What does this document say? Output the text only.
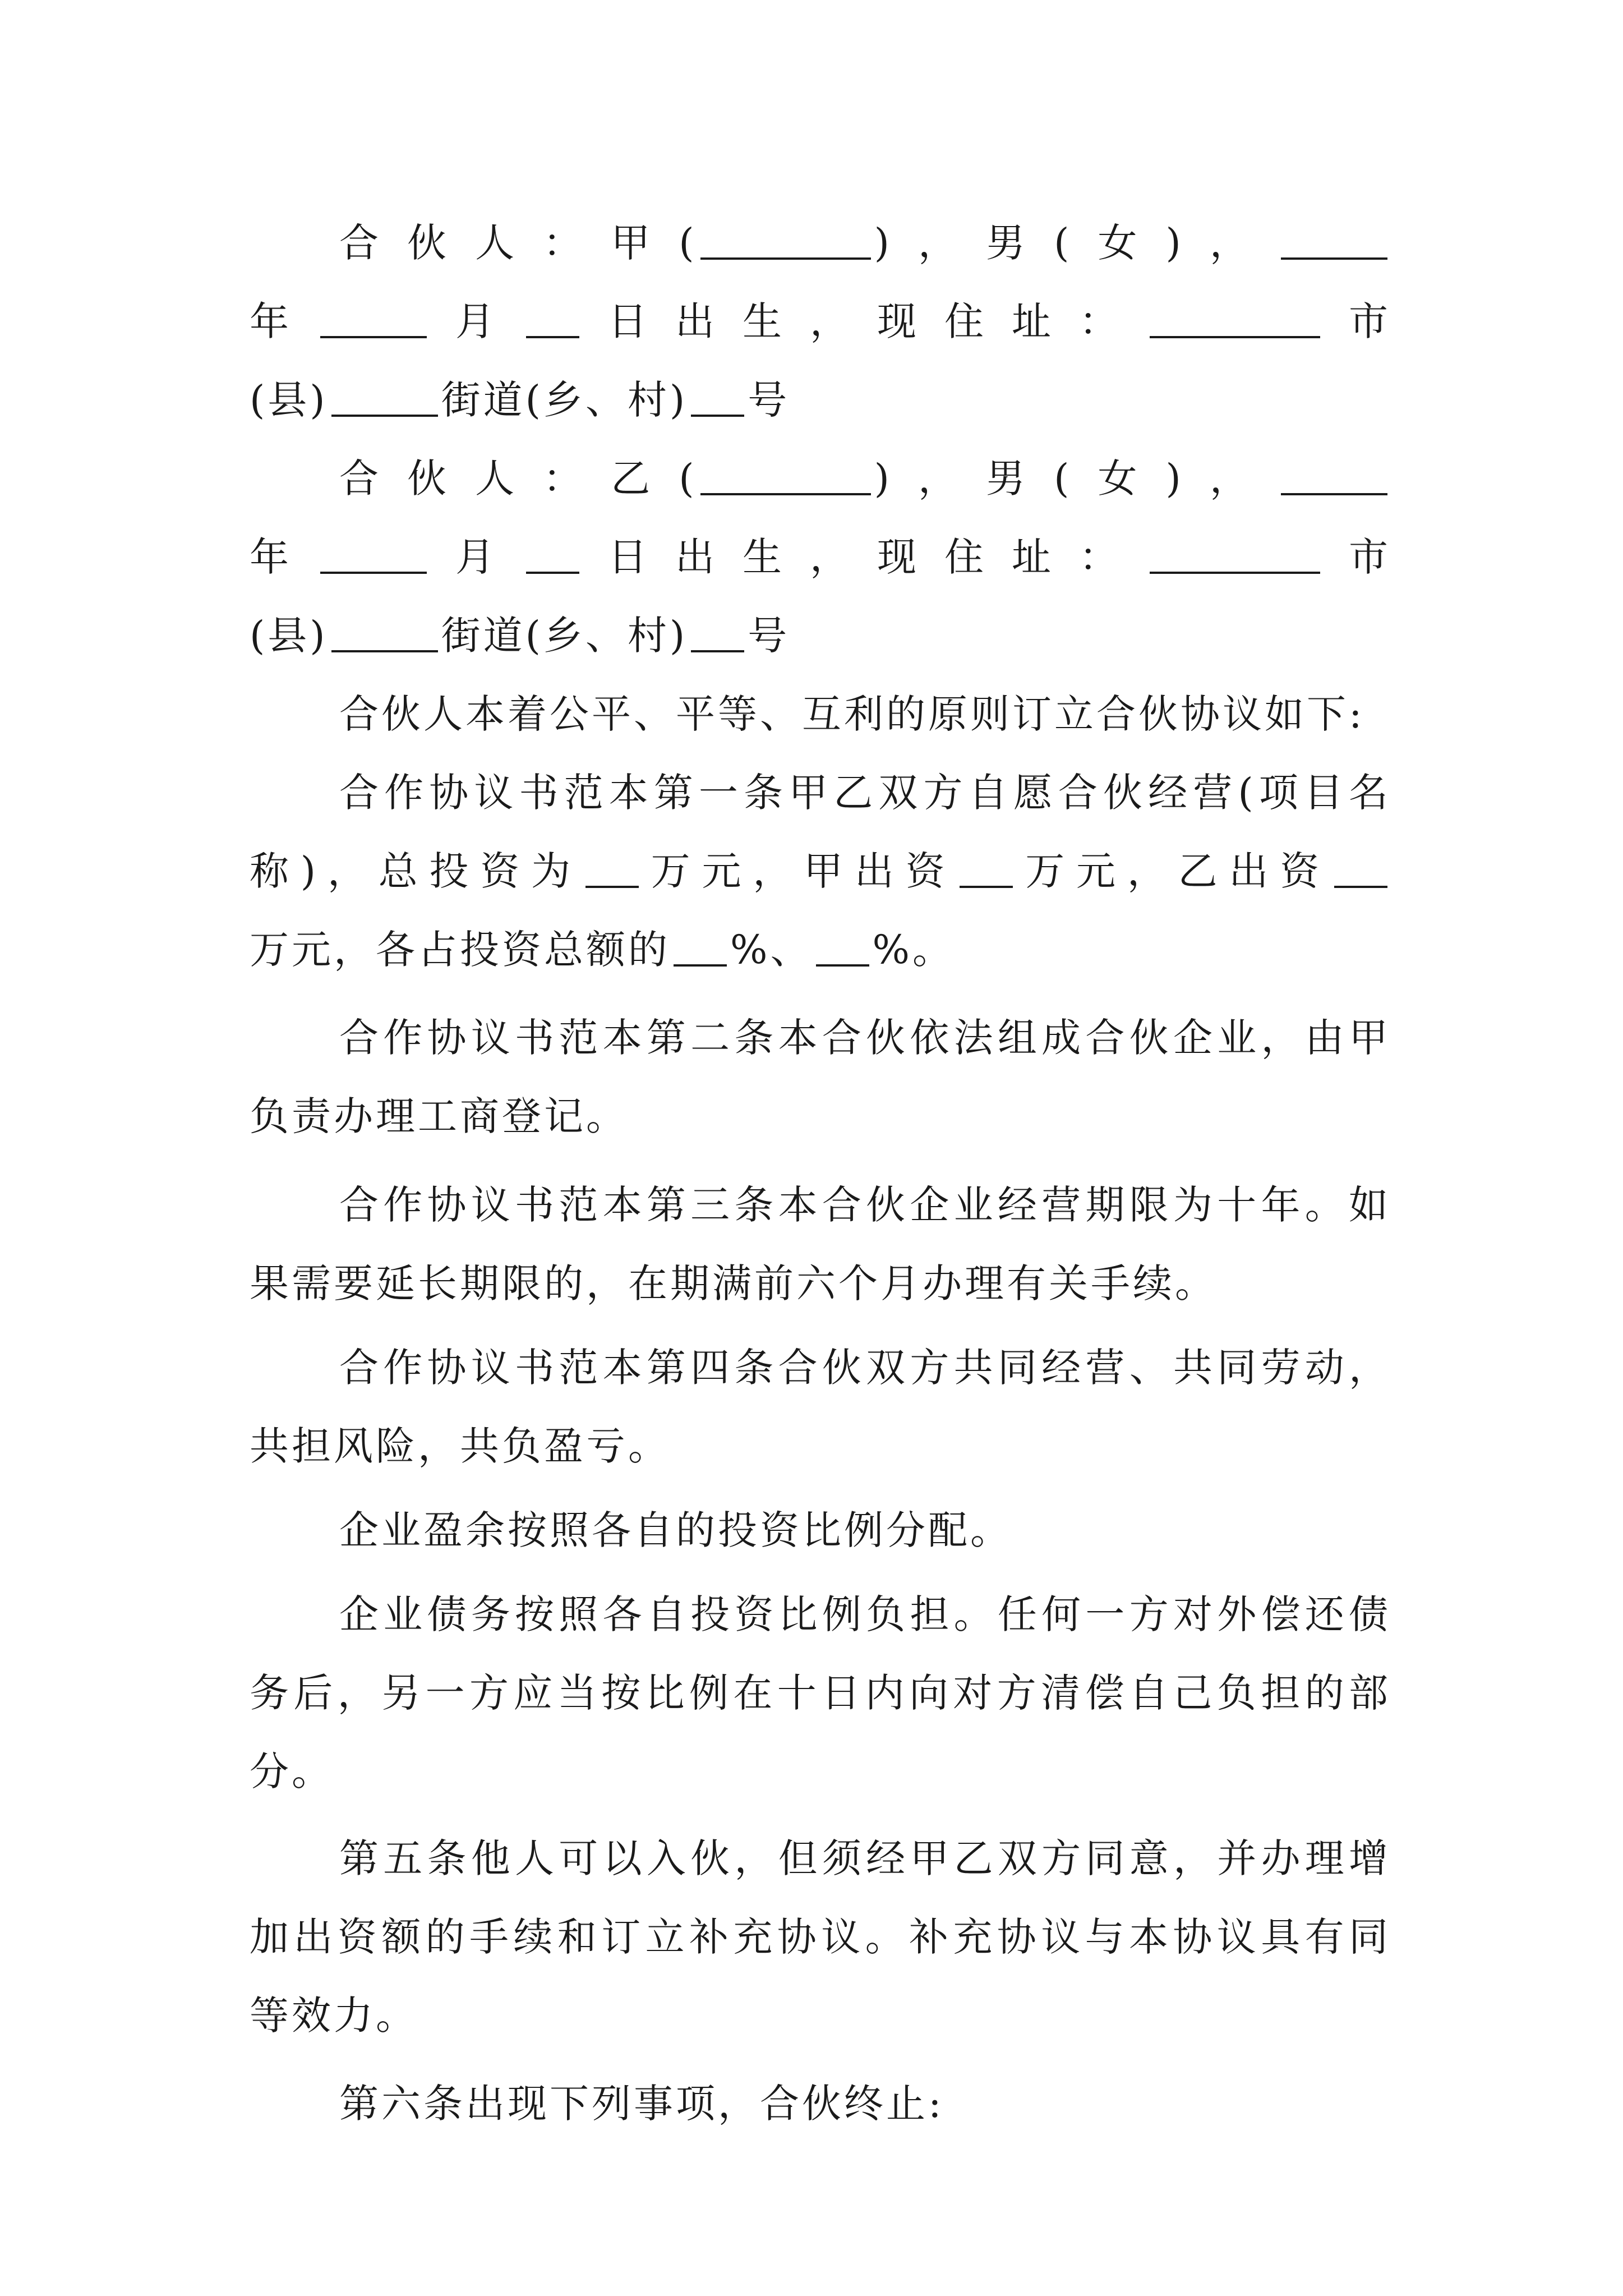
合伙人：甲(	)，男(女)，
年	月 日出生，现住址：	市
(县)	街道(乡、村) 号
合伙人：乙(	)，男(女)，
年	月 日出生，现住址：	市
(县)	街道(乡、村) 号
合伙人本着公平、平等、互利的原则订立合伙协议如下:
合作协议书范本第一条甲乙双方自愿合伙经营(项目名
称)，总投资为 万元，甲出资 万元，乙出资
万元，各占投资总额的 %、 %。
合作协议书范本第二条本合伙依法组成合伙企业，由甲
负责办理工商登记。
合作协议书范本第三条本合伙企业经营期限为十年。如
果需要延长期限的，在期满前六个月办理有关手续。
合作协议书范本第四条合伙双方共同经营、共同劳动，
共担风险，共负盈亏。
企业盈余按照各自的投资比例分配。
企业债务按照各自投资比例负担。任何一方对外偿还债
务后，另一方应当按比例在十日内向对方清偿自己负担的部
分。
第五条他人可以入伙，但须经甲乙双方同意，并办理增
加出资额的手续和订立补充协议。补充协议与本协议具有同
等效力。
第六条出现下列事项，合伙终止:
